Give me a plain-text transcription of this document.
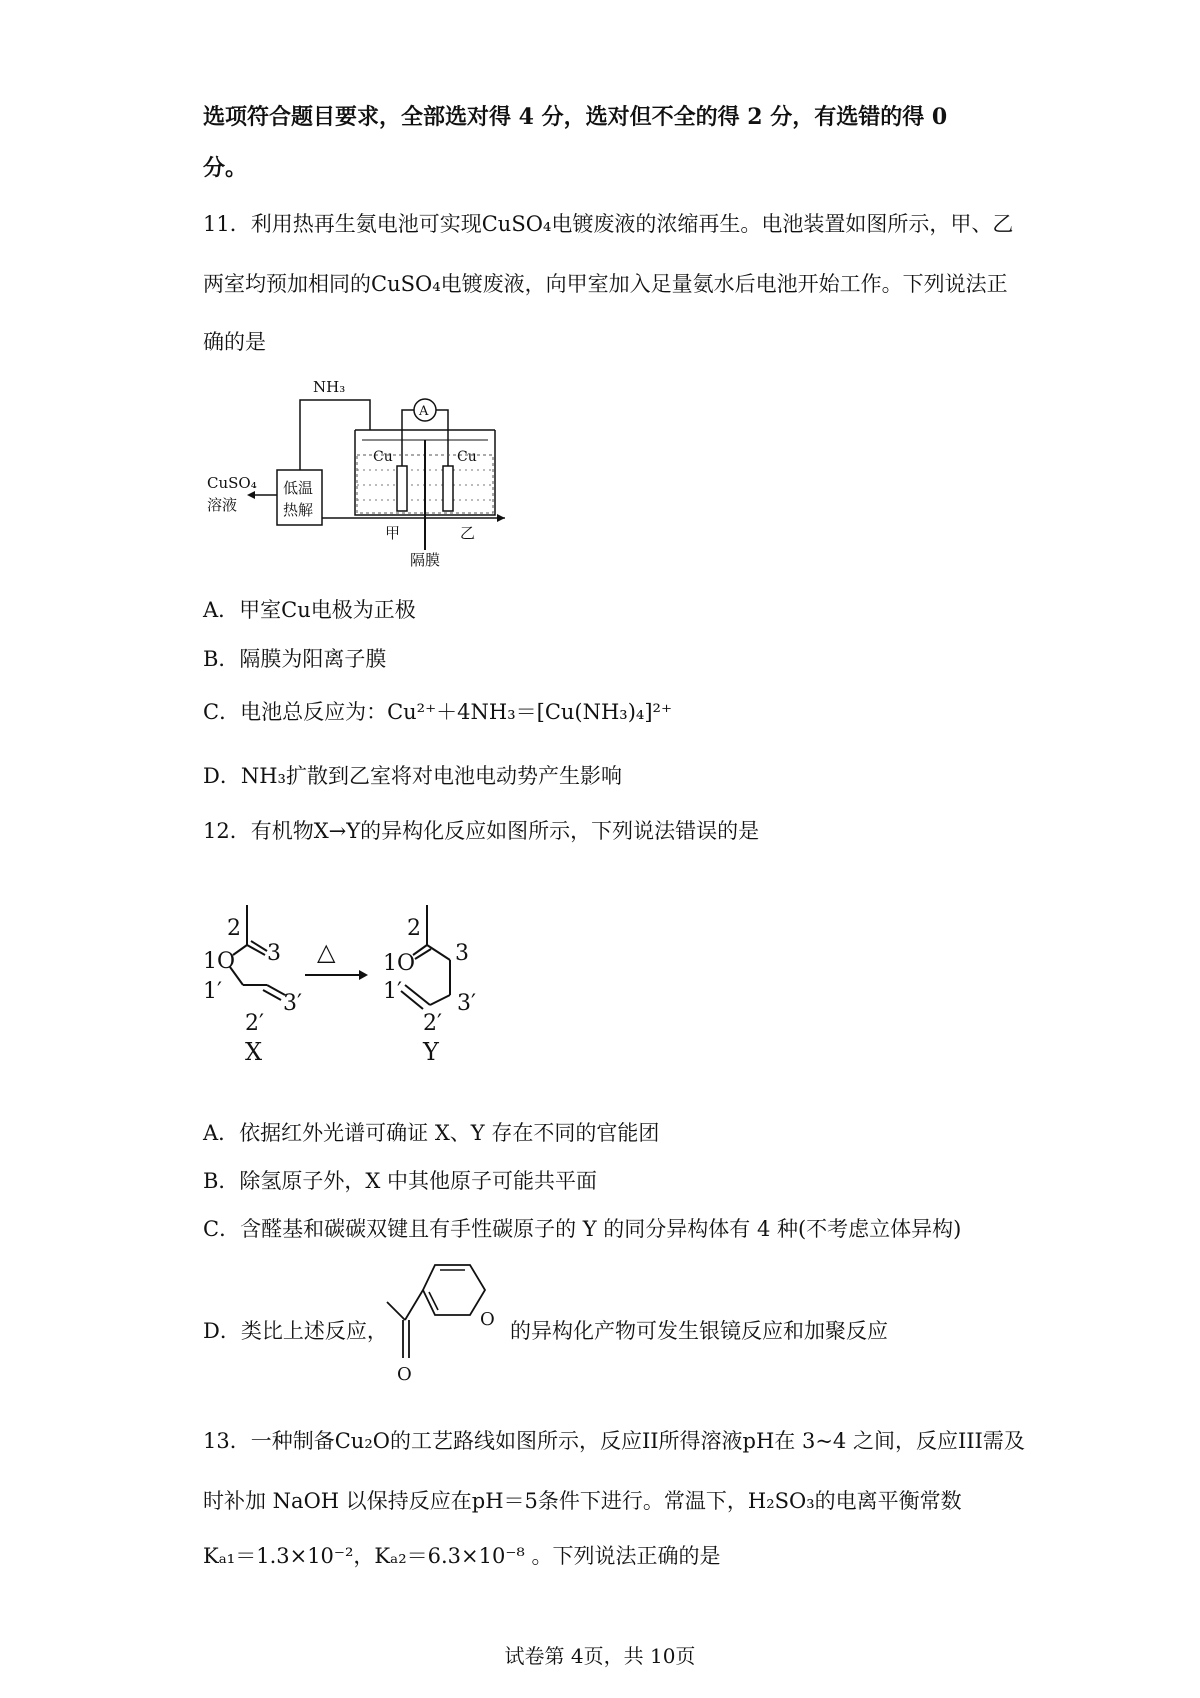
选项符合题目要求，全部选对得 4 分，选对但不全的得 2 分，有选错的得 0
分。
11．利用热再生氨电池可实现CuSO₄电镀废液的浓缩再生。电池装置如图所示，甲、乙
两室均预加相同的CuSO₄电镀废液，向甲室加入足量氨水后电池开始工作。下列说法正
确的是
NH₃
A
Cu	Cu
低温
热解
CuSO₄
溶液
甲	乙
隔膜
A．甲室Cu电极为正极
B．隔膜为阳离子膜
C．电池总反应为：Cu²⁺＋4NH₃＝[Cu(NH₃)₄]²⁺
D．NH₃扩散到乙室将对电池电动势产生影响
12．有机物X→Y的异构化反应如图所示，下列说法错误的是
2
3
1O
1′	3′
2′
X
△
2
3
1O
1′	3′
2′
Y
A．依据红外光谱可确证 X、Y 存在不同的官能团
B．除氢原子外，X 中其他原子可能共平面
C．含醛基和碳碳双键且有手性碳原子的 Y 的同分异构体有 4 种(不考虑立体异构)
D．类比上述反应，	O
O
的异构化产物可发生银镜反应和加聚反应
13．一种制备Cu₂O的工艺路线如图所示，反应II所得溶液pH在 3~4 之间，反应III需及
时补加 NaOH 以保持反应在pH＝5条件下进行。常温下，H₂SO₃的电离平衡常数
Kₐ₁＝1.3×10⁻²，Kₐ₂＝6.3×10⁻⁸ 。下列说法正确的是
试卷第 4页，共 10页
